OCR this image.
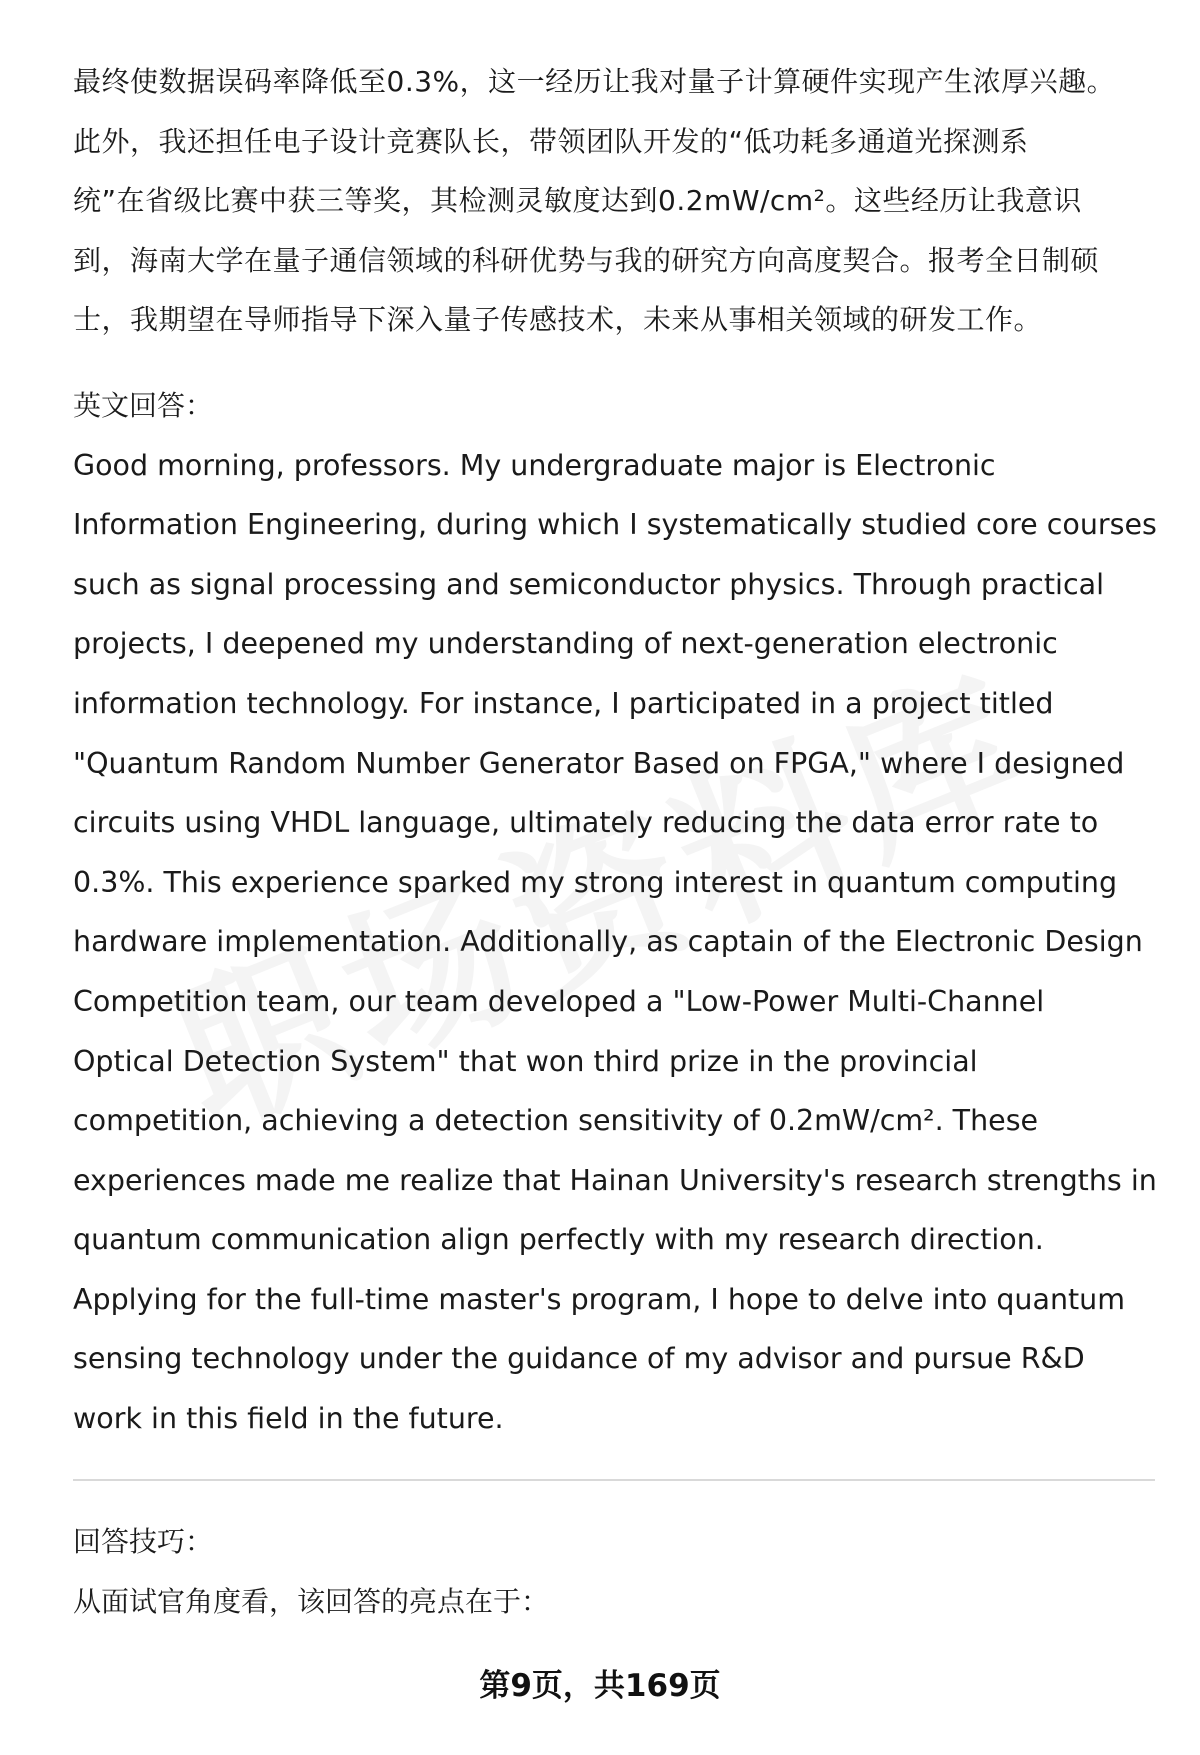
最终使数据误码率降低至0.3%，这一经历让我对量子计算硬件实现产生浓厚兴趣。
此外，我还担任电子设计竞赛队长，带领团队开发的“低功耗多通道光探测系
统”在省级比赛中获三等奖，其检测灵敏度达到0.2mW/cm²。这些经历让我意识
到，海南大学在量子通信领域的科研优势与我的研究方向高度契合。报考全日制硕
士，我期望在导师指导下深入量子传感技术，未来从事相关领域的研发工作。
英文回答：
Good morning, professors. My undergraduate major is Electronic
Information Engineering, during which I systematically studied core courses
such as signal processing and semiconductor physics. Through practical
projects, I deepened my understanding of next-generation electronic
information technology. For instance, I participated in a project titled
"Quantum Random Number Generator Based on FPGA," where I designed
circuits using VHDL language, ultimately reducing the data error rate to
0.3%. This experience sparked my strong interest in quantum computing
hardware implementation. Additionally, as captain of the Electronic Design
Competition team, our team developed a "Low-Power Multi-Channel
Optical Detection System" that won third prize in the provincial
competition, achieving a detection sensitivity of 0.2mW/cm². These
experiences made me realize that Hainan University's research strengths in
quantum communication align perfectly with my research direction.
Applying for the full-time master's program, I hope to delve into quantum
sensing technology under the guidance of my advisor and pursue R&D
work in this field in the future.
回答技巧：
从面试官角度看，该回答的亮点在于：
第9页，共169页
